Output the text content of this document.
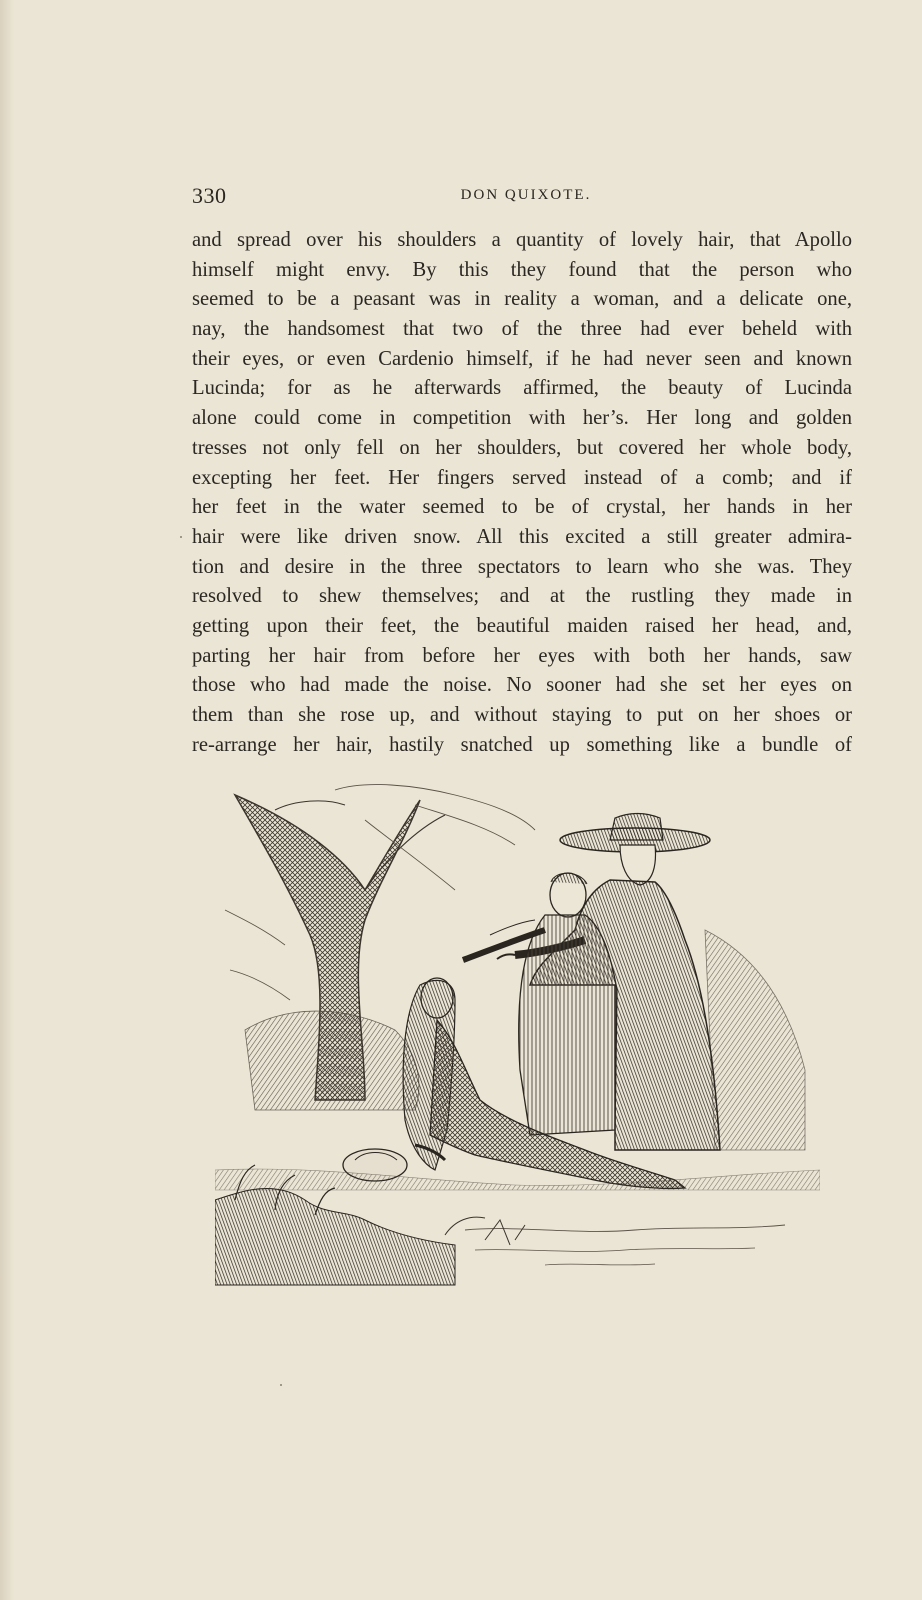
330	DON QUIXOTE.
and spread over his shoulders a quantity of lovely hair, that Apollo
himself might envy. By this they found that the person who
seemed to be a peasant was in reality a woman, and a delicate one,
nay, the handsomest that two of the three had ever beheld with
their eyes, or even Cardenio himself, if he had never seen and known
Lucinda; for as he afterwards affirmed, the beauty of Lucinda
alone could come in competition with her’s. Her long and golden
tresses not only fell on her shoulders, but covered her whole body,
excepting her feet. Her fingers served instead of a comb; and if
her feet in the water seemed to be of crystal, her hands in her
hair were like driven snow. All this excited a still greater admira-
tion and desire in the three spectators to learn who she was. They
resolved to shew themselves; and at the rustling they made in
getting upon their feet, the beautiful maiden raised her head, and,
parting her hair from before her eyes with both her hands, saw
those who had made the noise. No sooner had she set her eyes on
them than she rose up, and without staying to put on her shoes or
re-arrange her hair, hastily snatched up something like a bundle of
